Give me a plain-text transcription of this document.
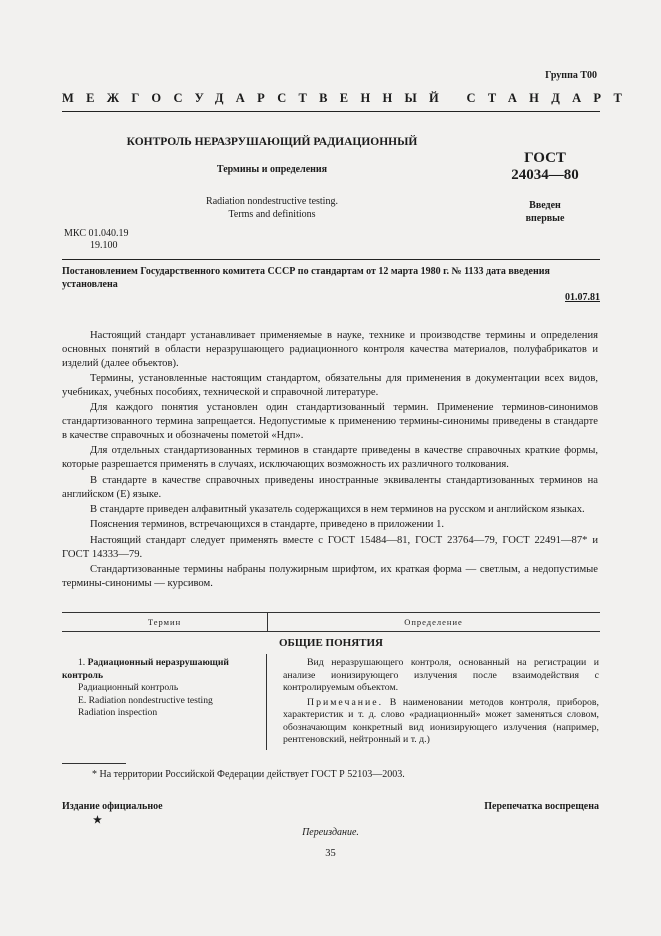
Группа Т00
МЕЖГОСУДАРСТВЕННЫЙ СТАНДАРТ
КОНТРОЛЬ НЕРАЗРУШАЮЩИЙ РАДИАЦИОННЫЙ
Термины и определения
Radiation nondestructive testing.
Terms and definitions
ГОСТ
24034—80
Введен
впервые
МКС 01.040.19
19.100
Постановлением Государственного комитета СССР по стандартам от 12 марта 1980 г. № 1133 дата введения установлена
01.07.81

Настоящий стандарт устанавливает применяемые в науке, технике и производстве термины и определения основных понятий в области неразрушающего радиационного контроля качества материалов, полуфабрикатов и изделий (далее объектов).

Термины, установленные настоящим стандартом, обязательны для применения в документации всех видов, учебниках, учебных пособиях, технической и справочной литературе.

Для каждого понятия установлен один стандартизованный термин. Применение терминов-синонимов стандартизованного термина запрещается. Недопустимые к применению термины-синонимы приведены в стандарте в качестве справочных и обозначены пометой «Ндп».

Для отдельных стандартизованных терминов в стандарте приведены в качестве справочных краткие формы, которые разрешается применять в случаях, исключающих возможность их различного толкования.

В стандарте в качестве справочных приведены иностранные эквиваленты стандартизованных терминов на английском (Е) языке.

В стандарте приведен алфавитный указатель содержащихся в нем терминов на русском и английском языках.

Пояснения терминов, встречающихся в стандарте, приведено в приложении 1.

Настоящий стандарт следует применять вместе с ГОСТ 15484—81, ГОСТ 23764—79, ГОСТ 22491—87* и ГОСТ 14333—79.

Стандартизованные термины набраны полужирным шрифтом, их краткая форма — светлым, а недопустимые термины-синонимы — курсивом.

Термин	Определение
ОБЩИЕ ПОНЯТИЯ
1. Радиационный неразрушающий контроль
Радиационный контроль
E. Radiation nondestructive testing
Radiation inspection

Вид неразрушающего контроля, основанный на регистрации и анализе ионизирующего излучения после взаимодействия с контролируемым объектом.

Примечание. В наименовании методов контроля, приборов, характеристик и т. д. слово «радиационный» может заменяться словом, обозначающим конкретный вид ионизирующего излучения (например, рентгеновский, нейтронный и т. д.)

* На территории Российской Федерации действует ГОСТ Р 52103—2003.
Издание официальное
★
Перепечатка воспрещена
Переиздание.
35
